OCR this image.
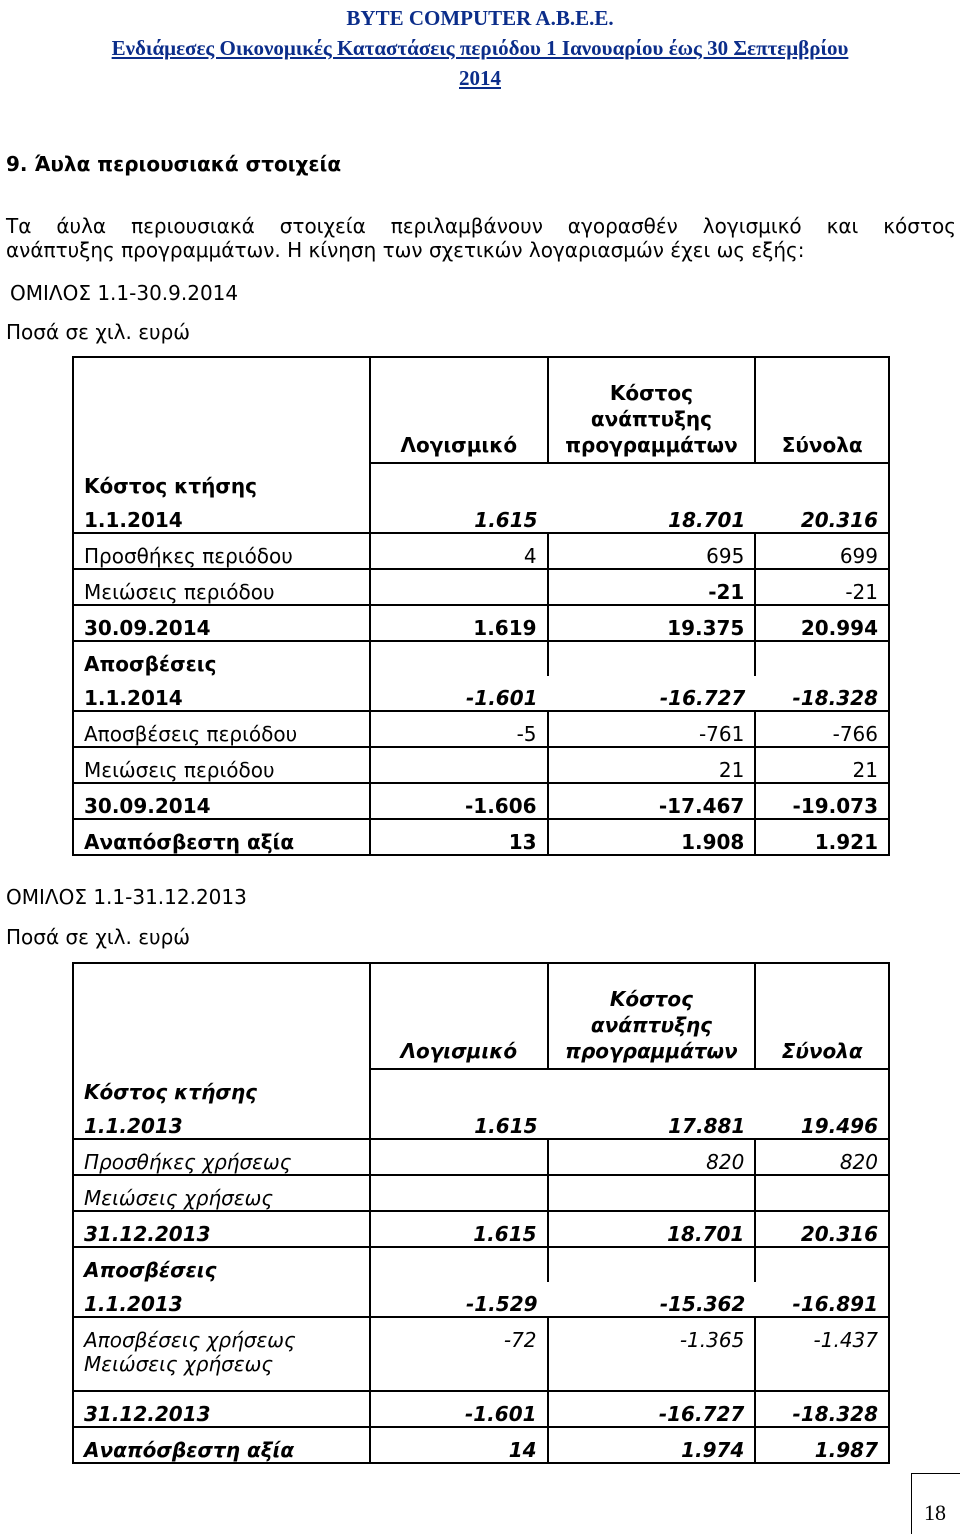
BYTE COMPUTER A.B.E.E.
Ενδιάμεσες Οικονομικές Καταστάσεις περιόδου 1 Ιανουαρίου έως 30 Σεπτεμβρίου
2014
9. Άυλα περιουσιακά στοιχεία
Τα άυλα περιουσιακά στοιχεία περιλαμβάνουν αγορασθέν λογισμικό και κόστος
ανάπτυξης προγραμμάτων. Η κίνηση των σχετικών λογαριασμών έχει ως εξής:
ΟΜΙΛΟΣ 1.1-30.9.2014
Ποσά σε χιλ. ευρώ
	Λογισμικό	Κόστος
ανάπτυξης
προγραμμάτων	Σύνολα
Κόστος κτήσης			
1.1.2014	1.615	18.701	20.316
Προσθήκες περιόδου	4	695	699
Μειώσεις περιόδου		-21	-21
30.09.2014	1.619	19.375	20.994
Αποσβέσεις			
1.1.2014	-1.601	-16.727	-18.328
Αποσβέσεις περιόδου	-5	-761	-766
Μειώσεις περιόδου		21	21
30.09.2014	-1.606	-17.467	-19.073
Αναπόσβεστη αξία	13	1.908	1.921
ΟΜΙΛΟΣ 1.1-31.12.2013
Ποσά σε χιλ. ευρώ
	Λογισμικό	Κόστος
ανάπτυξης
προγραμμάτων	Σύνολα
Κόστος κτήσης			
1.1.2013	1.615	17.881	19.496
Προσθήκες χρήσεως		820	820
Μειώσεις χρήσεως			
31.12.2013	1.615	18.701	20.316
Αποσβέσεις			
1.1.2013	-1.529	-15.362	-16.891
Αποσβέσεις χρήσεως	-72	-1.365	-1.437
Μειώσεις χρήσεως			
31.12.2013	-1.601	-16.727	-18.328
Αναπόσβεστη αξία	14	1.974	1.987
18
